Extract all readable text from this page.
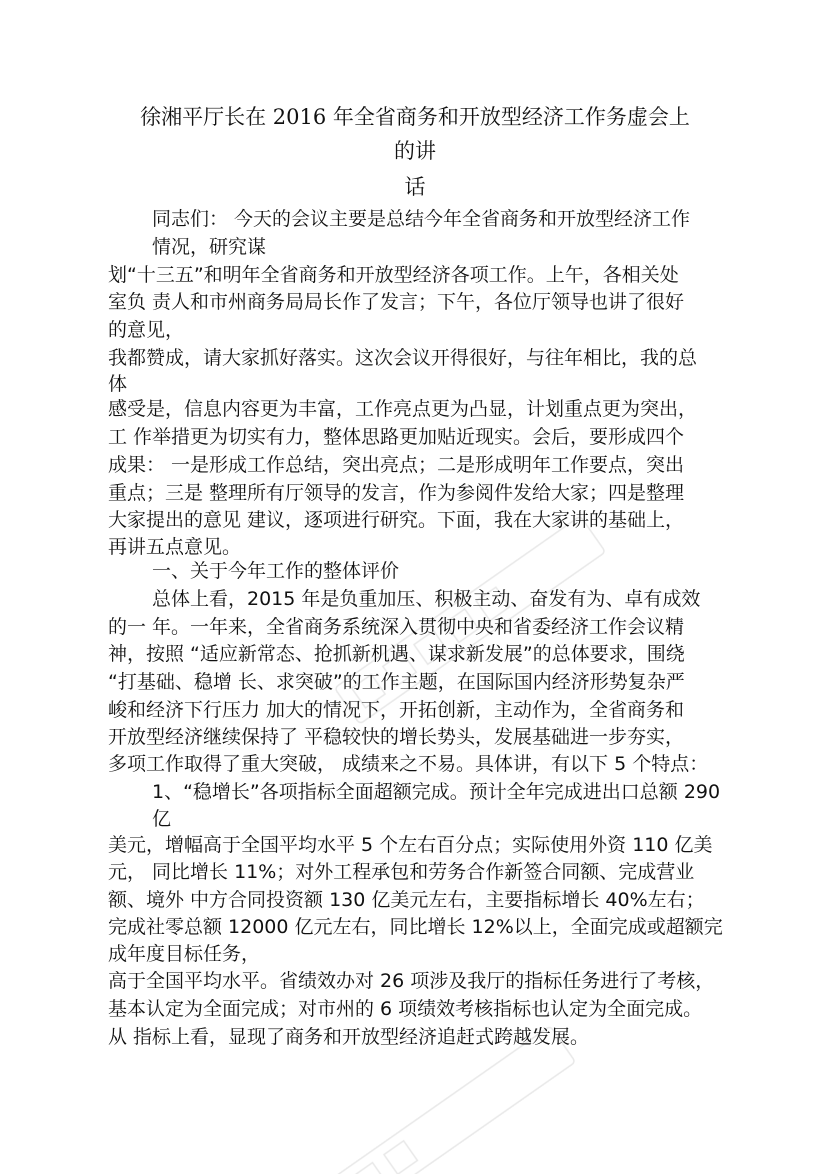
徐湘平厅长在 2016 年全省商务和开放型经济工作务虚会上
的讲
话
同志们： 今天的会议主要是总结今年全省商务和开放型经济工作
情况，研究谋
划“十三五”和明年全省商务和开放型经济各项工作。上午，各相关处
室负 责人和市州商务局局长作了发言；下午，各位厅领导也讲了很好
的意见，
我都赞成，请大家抓好落实。这次会议开得很好，与往年相比，我的总
体
感受是，信息内容更为丰富，工作亮点更为凸显，计划重点更为突出，
工 作举措更为切实有力，整体思路更加贴近现实。会后，要形成四个
成果： 一是形成工作总结，突出亮点；二是形成明年工作要点，突出
重点；三是 整理所有厅领导的发言，作为参阅件发给大家；四是整理
大家提出的意见 建议，逐项进行研究。下面，我在大家讲的基础上，
再讲五点意见。
一、关于今年工作的整体评价
总体上看，2015 年是负重加压、积极主动、奋发有为、卓有成效
的一 年。一年来，全省商务系统深入贯彻中央和省委经济工作会议精
神，按照 “适应新常态、抢抓新机遇、谋求新发展”的总体要求，围绕
“打基础、稳增 长、求突破”的工作主题，在国际国内经济形势复杂严
峻和经济下行压力 加大的情况下，开拓创新，主动作为，全省商务和
开放型经济继续保持了 平稳较快的增长势头，发展基础进一步夯实，
多项工作取得了重大突破， 成绩来之不易。具体讲，有以下 5 个特点：
1、“稳增长”各项指标全面超额完成。预计全年完成进出口总额 290
亿
美元，增幅高于全国平均水平 5 个左右百分点；实际使用外资 110 亿美
元， 同比增长 11%；对外工程承包和劳务合作新签合同额、完成营业
额、境外 中方合同投资额 130 亿美元左右，主要指标增长 40%左右；
完成社零总额 12000 亿元左右，同比增长 12%以上，全面完成或超额完
成年度目标任务，
高于全国平均水平。省绩效办对 26 项涉及我厅的指标任务进行了考核，
基本认定为全面完成；对市州的 6 项绩效考核指标也认定为全面完成。
从 指标上看，显现了商务和开放型经济追赶式跨越发展。
